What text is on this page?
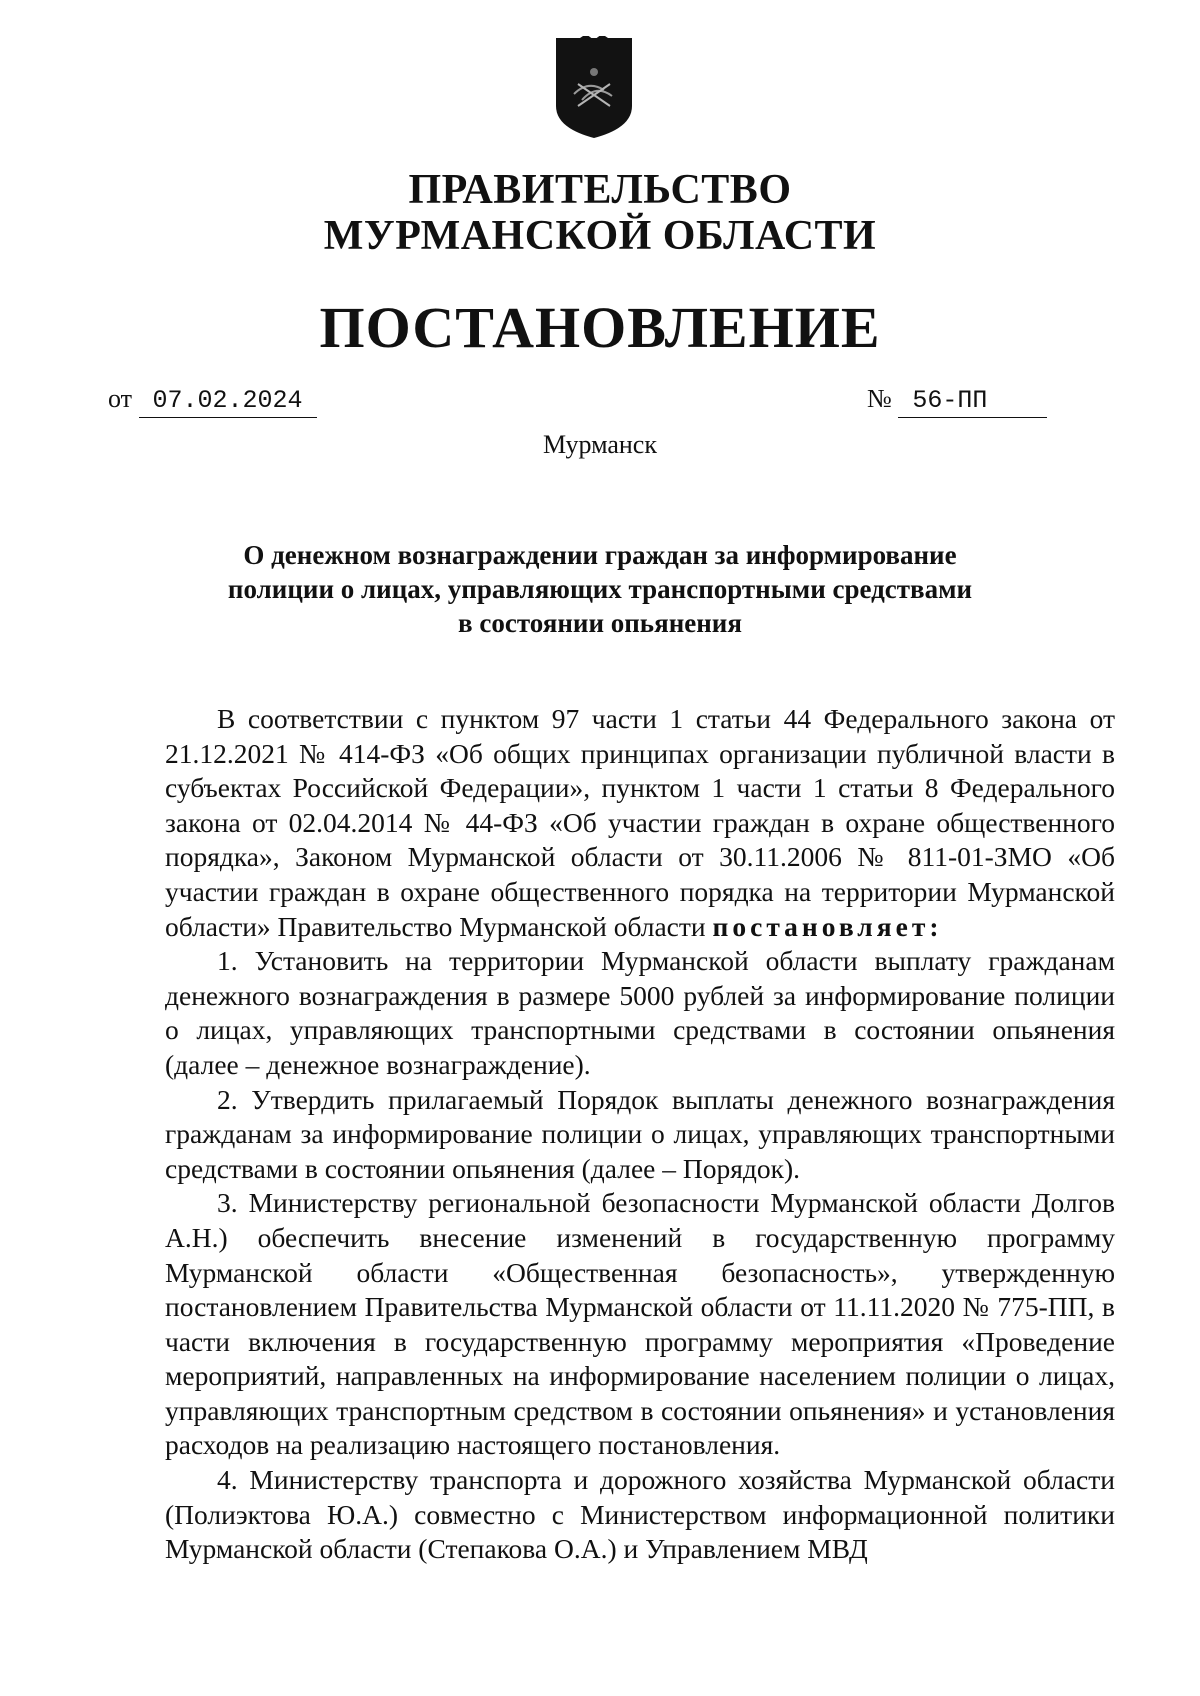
ПРАВИТЕЛЬСТВО
МУРМАНСКОЙ ОБЛАСТИ
ПОСТАНОВЛЕНИЕ
от 07.02.2024	№ 56-ПП
Мурманск
О денежном вознаграждении граждан за информирование
полиции о лицах, управляющих транспортными средствами
в состоянии опьянения

В соответствии с пунктом 97 части 1 статьи 44 Федерального закона от 21.12.2021 № 414-ФЗ «Об общих принципах организации публичной власти в субъектах Российской Федерации», пунктом 1 части 1 статьи 8 Федерального закона от 02.04.2014 № 44-ФЗ «Об участии граждан в охране общественного порядка», Законом Мурманской области от 30.11.2006 № 811-01-ЗМО «Об участии граждан в охране общественного порядка на территории Мурманской области» Правительство Мурманской области постановляет:

1. Установить на территории Мурманской области выплату гражданам денежного вознаграждения в размере 5000 рублей за информирование полиции о лицах, управляющих транспортными средствами в состоянии опьянения (далее – денежное вознаграждение).

2. Утвердить прилагаемый Порядок выплаты денежного вознаграждения гражданам за информирование полиции о лицах, управляющих транспортными средствами в состоянии опьянения (далее – Порядок).

3. Министерству региональной безопасности Мурманской области Долгов А.Н.) обеспечить внесение изменений в государственную программу Мурманской области «Общественная безопасность», утвержденную постановлением Правительства Мурманской области от 11.11.2020 № 775-ПП, в части включения в государственную программу мероприятия «Проведение мероприятий, направленных на информирование населением полиции о лицах, управляющих транспортным средством в состоянии опьянения» и установления расходов на реализацию настоящего постановления.

4. Министерству транспорта и дорожного хозяйства Мурманской области (Полиэктова Ю.А.) совместно с Министерством информационной политики Мурманской области (Степакова О.А.) и Управлением МВД
